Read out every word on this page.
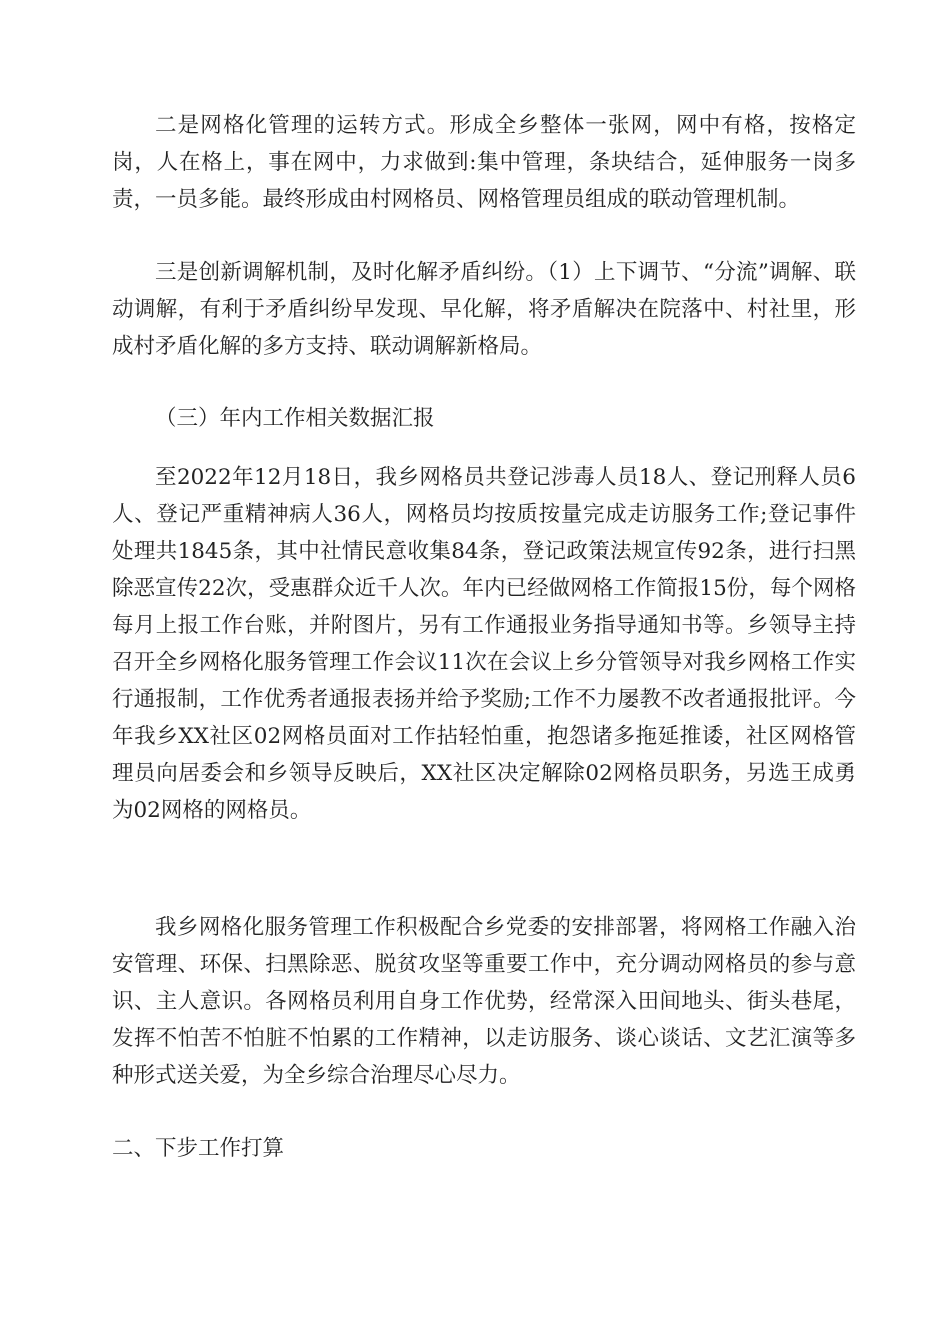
二是网格化管理的运转方式。形成全乡整体一张网，网中有格，按格定岗，人在格上，事在网中，力求做到:集中管理，条块结合，延伸服务一岗多责，一员多能。最终形成由村网格员、网格管理员组成的联动管理机制。

三是创新调解机制，及时化解矛盾纠纷。（1）上下调节、“分流”调解、联动调解，有利于矛盾纠纷早发现、早化解，将矛盾解决在院落中、村社里，形成村矛盾化解的多方支持、联动调解新格局。

（三）年内工作相关数据汇报

至2022年12月18日，我乡网格员共登记涉毒人员18人、登记刑释人员6人、登记严重精神病人36人，网格员均按质按量完成走访服务工作;登记事件处理共1845条，其中社情民意收集84条，登记政策法规宣传92条，进行扫黑除恶宣传22次，受惠群众近千人次。年内已经做网格工作简报15份，每个网格每月上报工作台账，并附图片，另有工作通报业务指导通知书等。乡领导主持召开全乡网格化服务管理工作会议11次在会议上乡分管领导对我乡网格工作实行通报制，工作优秀者通报表扬并给予奖励;工作不力屡教不改者通报批评。今年我乡XX社区02网格员面对工作拈轻怕重，抱怨诸多拖延推诿，社区网格管理员向居委会和乡领导反映后，XX社区决定解除02网格员职务，另选王成勇为02网格的网格员。

我乡网格化服务管理工作积极配合乡党委的安排部署，将网格工作融入治安管理、环保、扫黑除恶、脱贫攻坚等重要工作中，充分调动网格员的参与意识、主人意识。各网格员利用自身工作优势，经常深入田间地头、街头巷尾，发挥不怕苦不怕脏不怕累的工作精神，以走访服务、谈心谈话、文艺汇演等多种形式送关爱，为全乡综合治理尽心尽力。

二、下步工作打算
